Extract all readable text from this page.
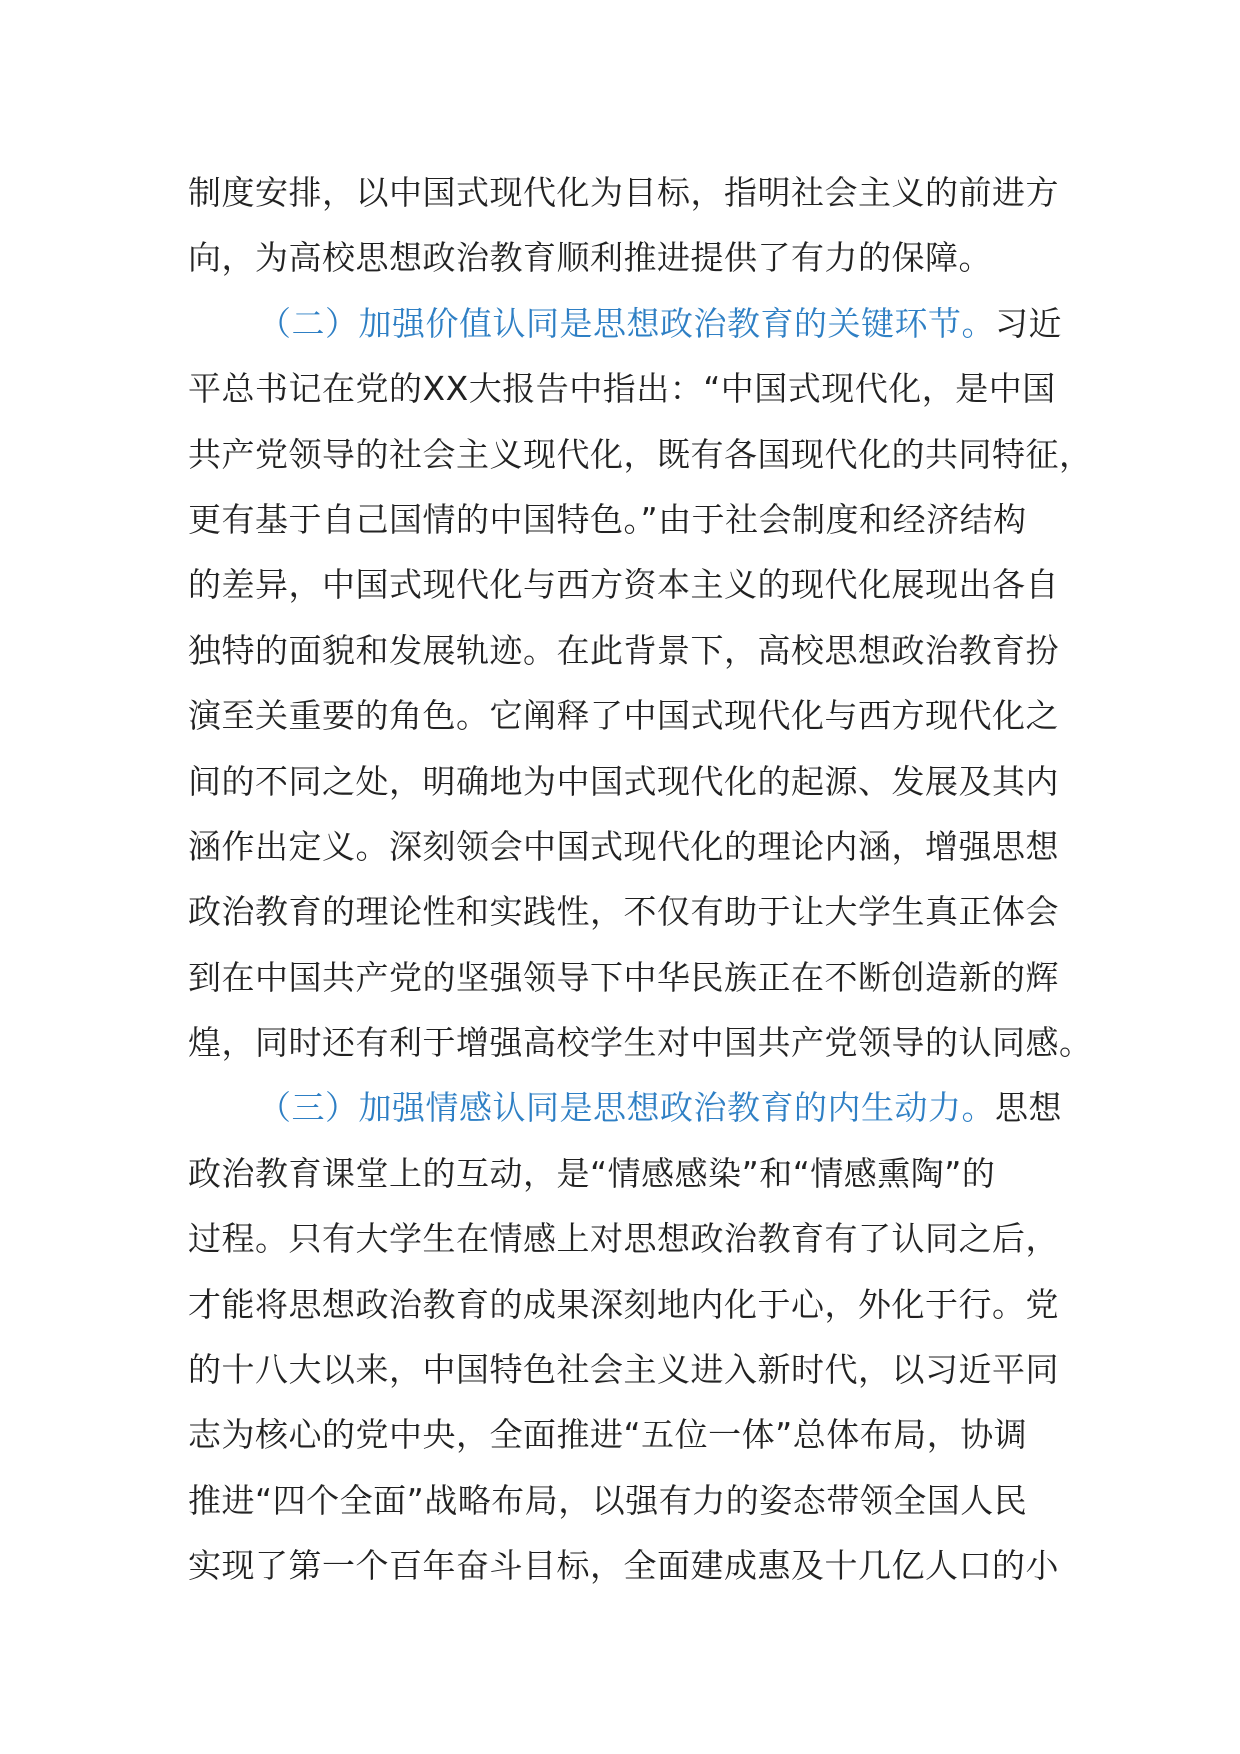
制度安排，以中国式现代化为目标，指明社会主义的前进方
向，为高校思想政治教育顺利推进提供了有力的保障。
（二）加强价值认同是思想政治教育的关键环节。习近
平总书记在党的XX大报告中指出：“中国式现代化，是中国
共产党领导的社会主义现代化，既有各国现代化的共同特征，
更有基于自己国情的中国特色。”由于社会制度和经济结构
的差异，中国式现代化与西方资本主义的现代化展现出各自
独特的面貌和发展轨迹。在此背景下，高校思想政治教育扮
演至关重要的角色。它阐释了中国式现代化与西方现代化之
间的不同之处，明确地为中国式现代化的起源、发展及其内
涵作出定义。深刻领会中国式现代化的理论内涵，增强思想
政治教育的理论性和实践性，不仅有助于让大学生真正体会
到在中国共产党的坚强领导下中华民族正在不断创造新的辉
煌，同时还有利于增强高校学生对中国共产党领导的认同感。
（三）加强情感认同是思想政治教育的内生动力。思想
政治教育课堂上的互动，是“情感感染”和“情感熏陶”的
过程。只有大学生在情感上对思想政治教育有了认同之后，
才能将思想政治教育的成果深刻地内化于心，外化于行。党
的十八大以来，中国特色社会主义进入新时代，以习近平同
志为核心的党中央，全面推进“五位一体”总体布局，协调
推进“四个全面”战略布局，以强有力的姿态带领全国人民
实现了第一个百年奋斗目标，全面建成惠及十几亿人口的小
